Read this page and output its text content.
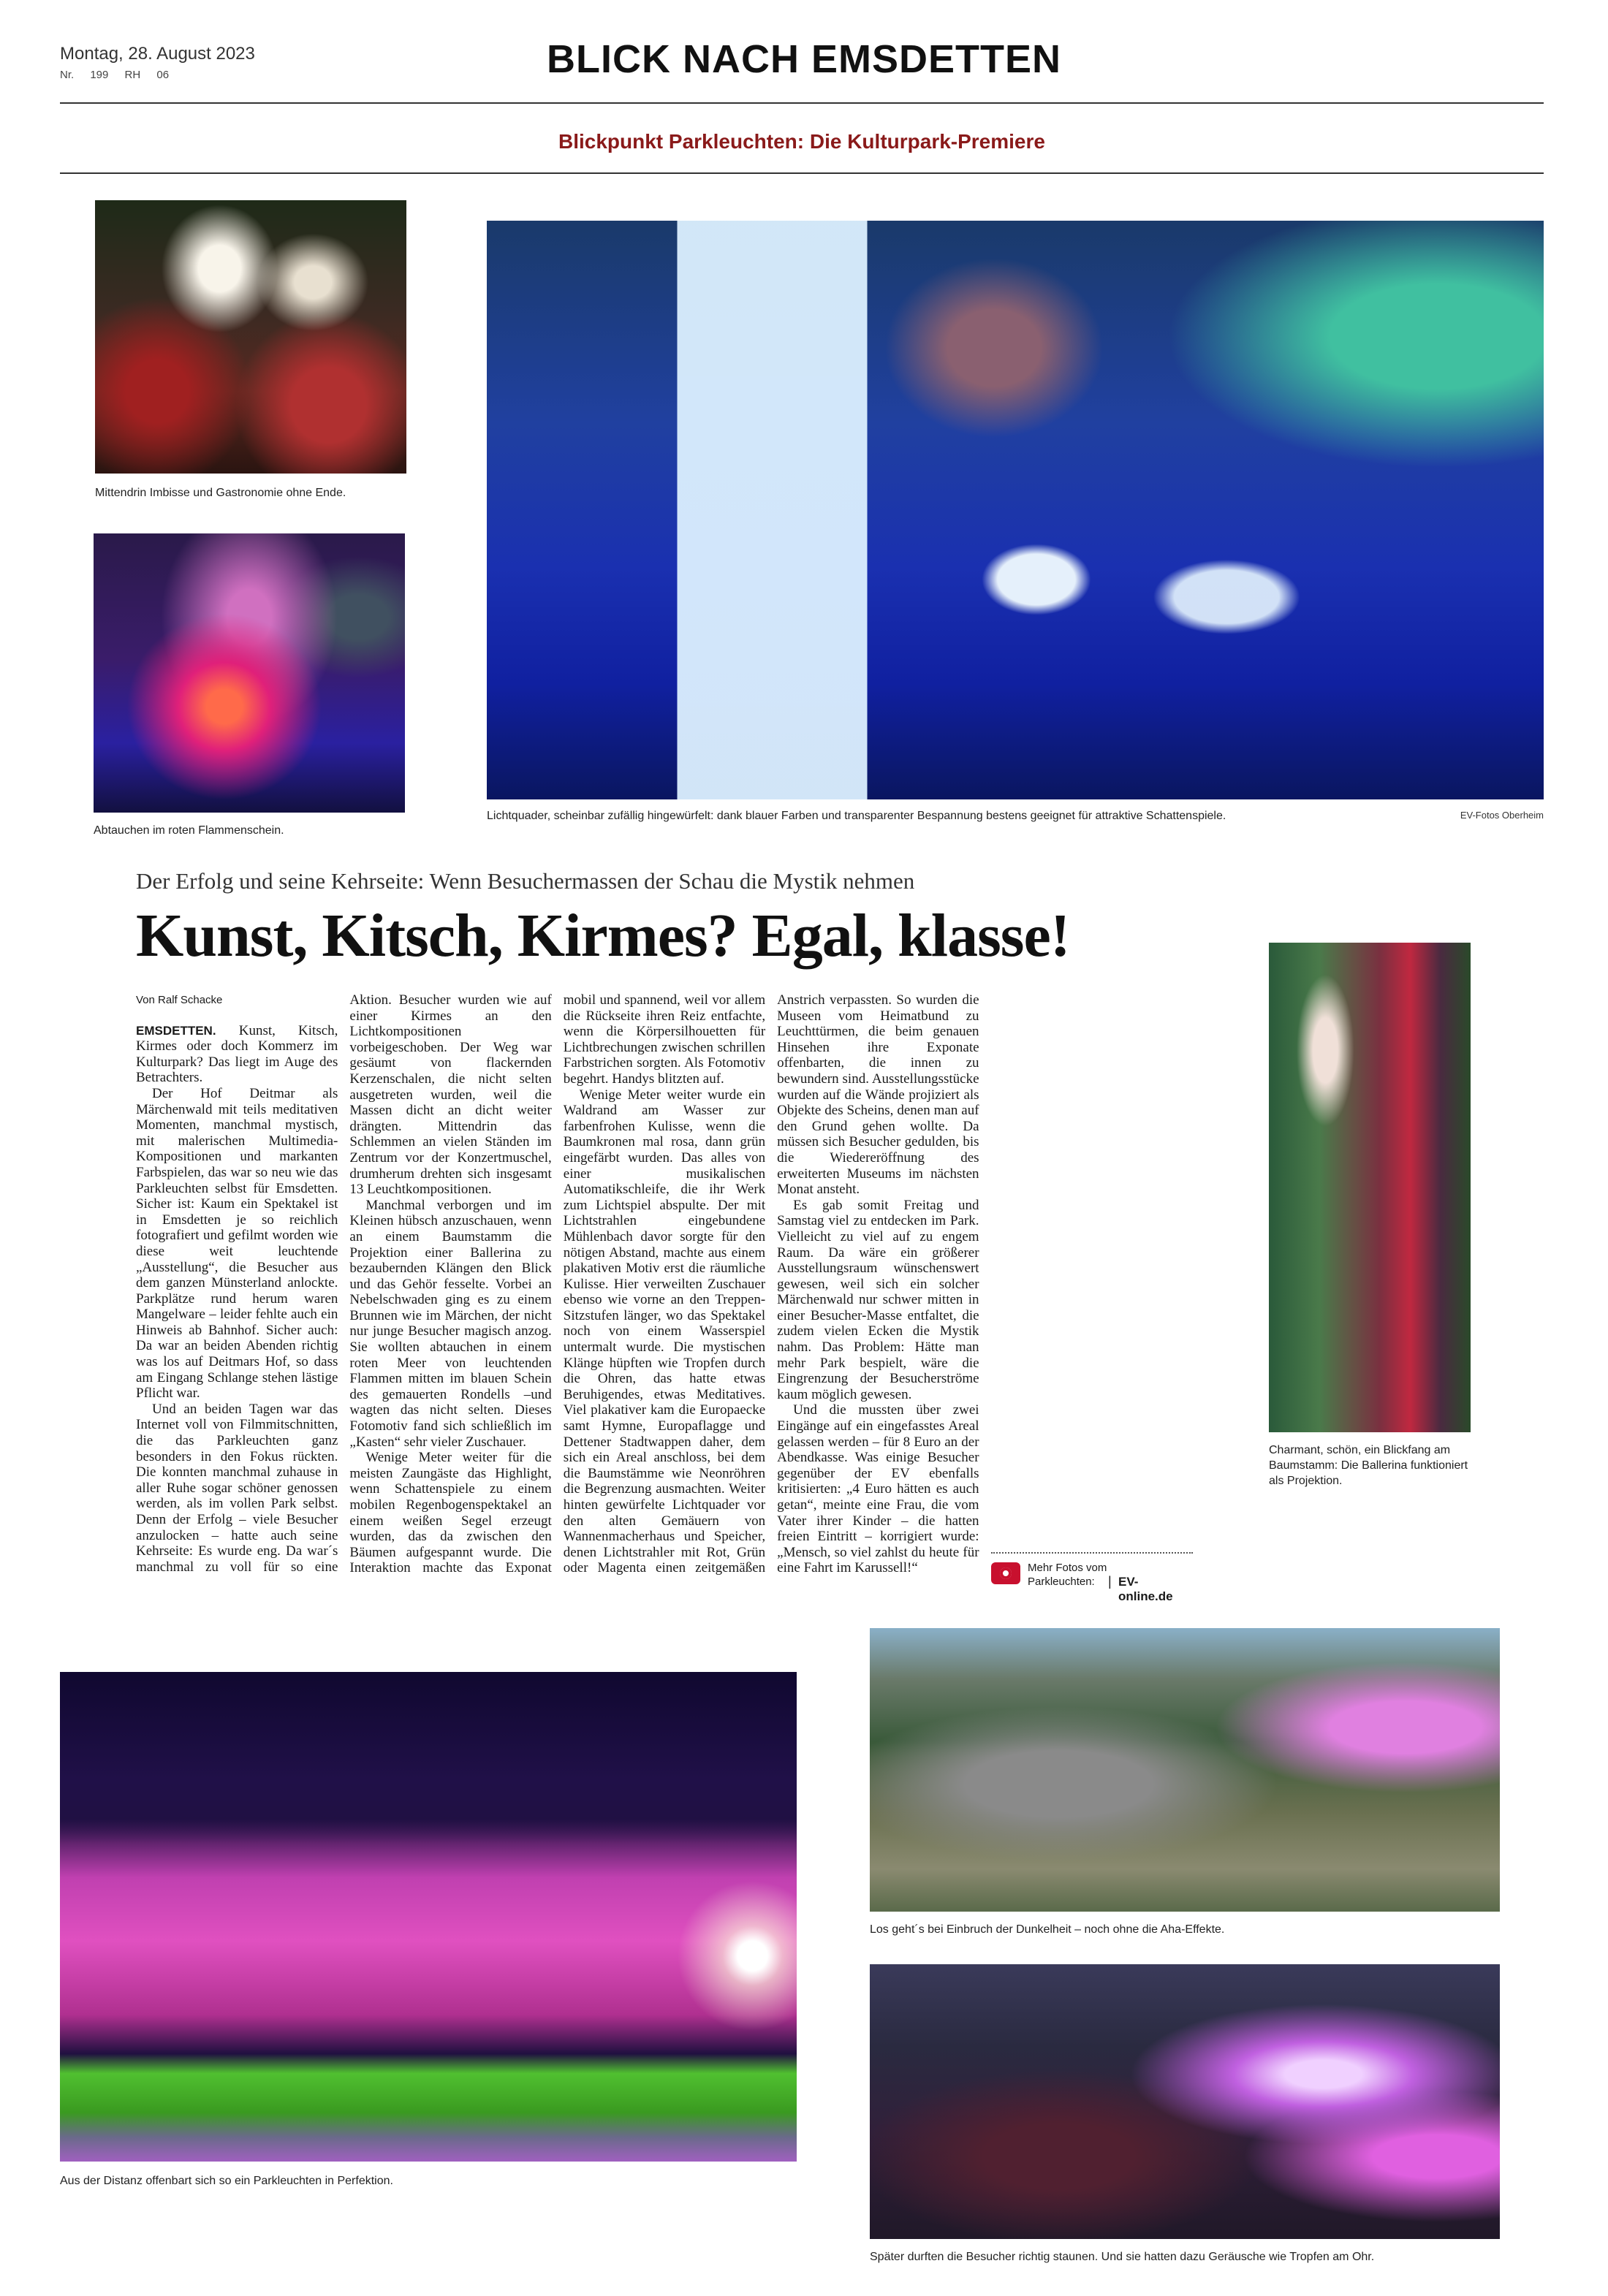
Montag, 28. August 2023
Nr. 199 RH 06	BLICK NACH EMSDETTEN
Blickpunkt Parkleuchten: Die Kulturpark-Premiere
Mittendrin Imbisse und Gastronomie ohne Ende.
Abtauchen im roten Flammenschein.
Lichtquader, scheinbar zufällig hingewürfelt: dank blauer Farben und transparenter Bespannung bestens geeignet für attraktive Schattenspiele.	EV-Fotos Oberheim
Der Erfolg und seine Kehrseite: Wenn Besuchermassen der Schau die Mystik nehmen
Kunst, Kitsch, Kirmes? Egal, klasse!
Von Ralf Schacke

EMSDETTEN. Kunst, Kitsch, Kirmes oder doch Kommerz im Kulturpark? Das liegt im Auge des Betrachters.

Der Hof Deitmar als Märchenwald mit teils meditativen Momenten, manchmal mystisch, mit malerischen Multimedia-Kompositionen und markanten Farbspielen, das war so neu wie das Parkleuchten selbst für Emsdetten. Sicher ist: Kaum ein Spektakel ist in Emsdetten je so reichlich fotografiert und gefilmt worden wie diese weit leuchtende „Ausstellung“, die Besucher aus dem ganzen Münsterland anlockte. Parkplätze rund herum waren Mangelware – leider fehlte auch ein Hinweis ab Bahnhof. Sicher auch: Da war an beiden Abenden richtig was los auf Deitmars Hof, so dass am Eingang Schlange stehen lästige Pflicht war.

Und an beiden Tagen war das Internet voll von Filmmitschnitten, die das Parkleuchten ganz besonders in den Fokus rückten. Die konnten manchmal zuhause in aller Ruhe sogar schöner genossen werden, als im vollen Park selbst. Denn der Erfolg – viele Besucher anzulocken – hatte auch seine Kehrseite: Es wurde eng. Da war´s manchmal zu voll für so eine Aktion. Besucher wurden wie auf einer Kirmes an den Lichtkompositionen vorbeigeschoben. Der Weg war gesäumt von flackernden Kerzenschalen, die nicht selten ausgetreten wurden, weil die Massen dicht an dicht weiter drängten. Mittendrin das Schlemmen an vielen Ständen im Zentrum vor der Konzertmuschel, drumherum drehten sich insgesamt 13 Leuchtkompositionen.

Manchmal verborgen und im Kleinen hübsch anzuschauen, wenn an einem Baumstamm die Projektion einer Ballerina zu bezaubernden Klängen den Blick und das Gehör fesselte. Vorbei an Nebelschwaden ging es zu einem Brunnen wie im Märchen, der nicht nur junge Besucher magisch anzog. Sie wollten abtauchen in einem roten Meer von leuchtenden Flammen mitten im blauen Schein des gemauerten Rondells –und wagten das nicht selten. Dieses Fotomotiv fand sich schließlich im „Kasten“ sehr vieler Zuschauer.

Wenige Meter weiter für die meisten Zaungäste das Highlight, wenn Schattenspiele zu einem mobilen Regenbogenspektakel an einem weißen Segel erzeugt wurden, das da zwischen den Bäumen aufgespannt wurde. Die Interaktion machte das Exponat mobil und spannend, weil vor allem die Rückseite ihren Reiz entfachte, wenn die Körpersilhouetten für Lichtbrechungen zwischen schrillen Farbstrichen sorgten. Als Fotomotiv begehrt. Handys blitzten auf.

Wenige Meter weiter wurde ein Waldrand am Wasser zur farbenfrohen Kulisse, wenn die Baumkronen mal rosa, dann grün eingefärbt wurden. Das alles von einer musikalischen Automatikschleife, die ihr Werk zum Lichtspiel abspulte. Der mit Lichtstrahlen eingebundene Mühlenbach davor sorgte für den nötigen Abstand, machte aus einem plakativen Motiv erst die räumliche Kulisse. Hier verweilten Zuschauer ebenso wie vorne an den Treppen-Sitzstufen länger, wo das Spektakel noch von einem Wasserspiel untermalt wurde. Die mystischen Klänge hüpften wie Tropfen durch die Ohren, das hatte etwas Beruhigendes, etwas Meditatives. Viel plakativer kam die Europaecke samt Hymne, Europaflagge und Dettener Stadtwappen daher, dem sich ein Areal anschloss, bei dem die Baumstämme wie Neonröhren die Begrenzung ausmachten. Weiter hinten gewürfelte Lichtquader vor den alten Gemäuern von Wannenmacherhaus und Speicher, denen Lichtstrahler mit Rot, Grün oder Magenta einen zeitgemäßen Anstrich verpassten. So wurden die Museen vom Heimatbund zu Leuchttürmen, die beim genauen Hinsehen ihre Exponate offenbarten, die innen zu bewundern sind. Ausstellungsstücke wurden auf die Wände projiziert als Objekte des Scheins, denen man auf den Grund gehen wollte. Da müssen sich Besucher gedulden, bis die Wiedereröffnung des erweiterten Museums im nächsten Monat ansteht.

Es gab somit Freitag und Samstag viel zu entdecken im Park. Vielleicht zu viel auf zu engem Raum. Da wäre ein größerer Ausstellungsraum wünschenswert gewesen, weil sich ein solcher Märchenwald nur schwer mitten in einer Besucher-Masse entfaltet, die zudem vielen Ecken die Mystik nahm. Das Problem: Hätte man mehr Park bespielt, wäre die Eingrenzung der Besucherströme kaum möglich gewesen.

Und die mussten über zwei Eingänge auf ein eingefasstes Areal gelassen werden – für 8 Euro an der Abendkasse. Was einige Besucher gegenüber der EV ebenfalls kritisierten: „4 Euro hätten es auch getan“, meinte eine Frau, die vom Vater ihrer Kinder – die hatten freien Eintritt – korrigiert wurde: „Mensch, so viel zahlst du heute für eine Fahrt im Karussell!“	Mehr Fotos vom Parkleuchten:	| EV-online.de
Charmant, schön, ein Blickfang am Baumstamm: Die Ballerina funktioniert als Projektion.
Aus der Distanz offenbart sich so ein Parkleuchten in Perfektion.
Los geht´s bei Einbruch der Dunkelheit – noch ohne die Aha-Effekte.
Später durften die Besucher richtig staunen. Und sie hatten dazu Geräusche wie Tropfen am Ohr.
